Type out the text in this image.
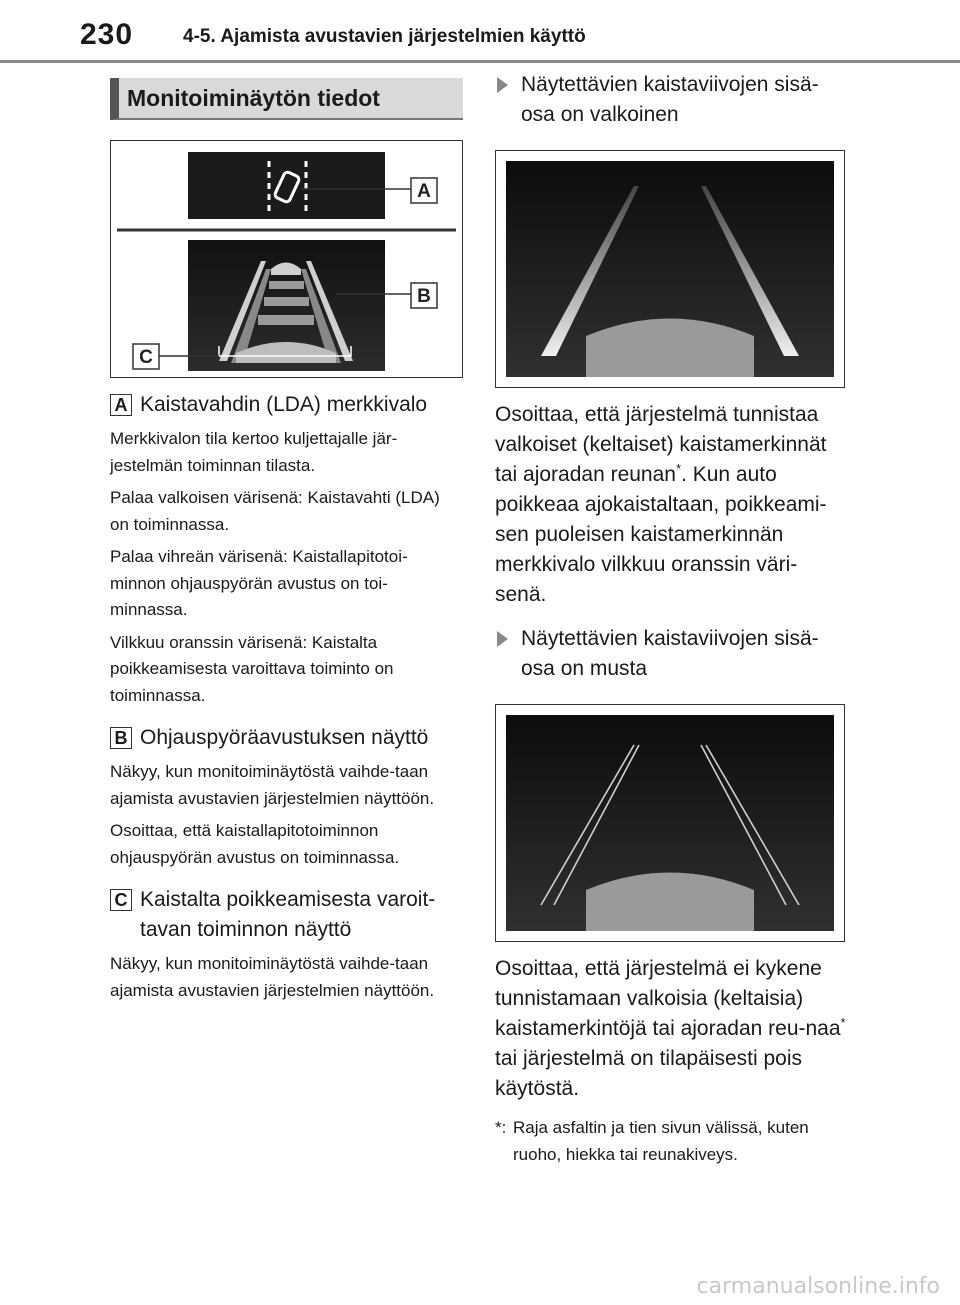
230	4-5. Ajamista avustavien järjestelmien käyttö
Monitoiminäytön tiedot
A
B
C
A Kaistavahdin (LDA) merkkivalo

Merkkivalon tila kertoo kuljettajalle jär-jestelmän toiminnan tilasta.

Palaa valkoisen värisenä: Kaistavahti (LDA) on toiminnassa.

Palaa vihreän värisenä: Kaistallapitotoi-minnon ohjauspyörän avustus on toi-minnassa.

Vilkkuu oranssin värisenä: Kaistalta poikkeamisesta varoittava toiminto on toiminnassa.

B Ohjauspyöräavustuksen näyttö

Näkyy, kun monitoiminäytöstä vaihde-taan ajamista avustavien järjestelmien näyttöön.

Osoittaa, että kaistallapitotoiminnon ohjauspyörän avustus on toiminnassa.

C Kaistalta poikkeamisesta varoit-
tavan toiminnon näyttö

Näkyy, kun monitoiminäytöstä vaihde-taan ajamista avustavien järjestelmien näyttöön.

Näytettävien kaistaviivojen sisä-
osa on valkoinen

Osoittaa, että järjestelmä tunnistaa valkoiset (keltaiset) kaistamerkinnät tai ajoradan reunan*. Kun auto poikkeaa ajokaistaltaan, poikkeami-sen puoleisen kaistamerkinnän merkkivalo vilkkuu oranssin väri-senä.

Näytettävien kaistaviivojen sisä-
osa on musta

Osoittaa, että järjestelmä ei kykene tunnistamaan valkoisia (keltaisia) kaistamerkintöjä tai ajoradan reu-naa* tai järjestelmä on tilapäisesti pois käytöstä.

*: Raja asfaltin ja tien sivun välissä, kuten ruoho, hiekka tai reunakiveys.
carmanualsonline.info
